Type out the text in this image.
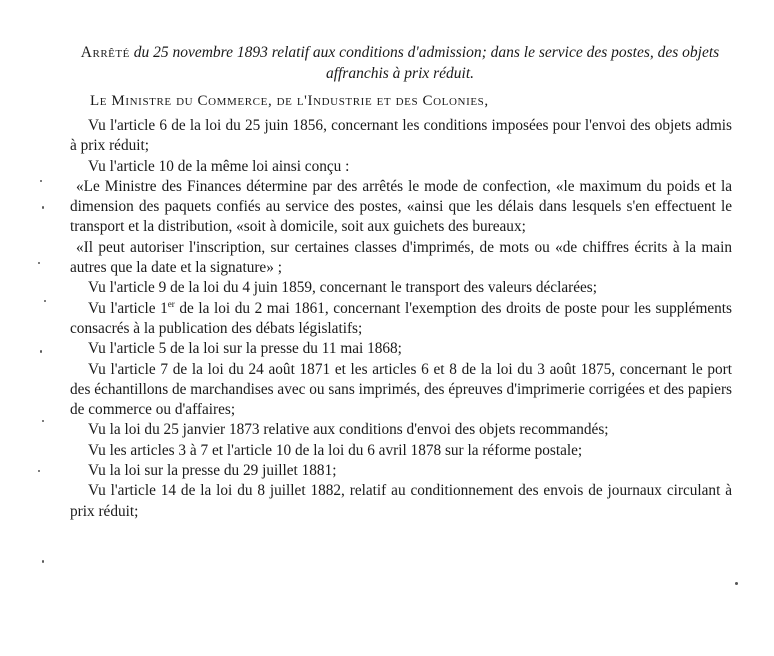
Arrêté du 25 novembre 1893 relatif aux conditions d'admission; dans le service des postes, des objets affranchis à prix réduit.
Le Ministre du Commerce, de l'Industrie et des Colonies,

Vu l'article 6 de la loi du 25 juin 1856, concernant les conditions imposées pour l'envoi des objets admis à prix réduit;

Vu l'article 10 de la même loi ainsi conçu :

«Le Ministre des Finances détermine par des arrêtés le mode de confection, «le maximum du poids et la dimension des paquets confiés au service des postes, «ainsi que les délais dans lesquels s'en effectuent le transport et la distribution, «soit à domicile, soit aux guichets des bureaux;

«Il peut autoriser l'inscription, sur certaines classes d'imprimés, de mots ou «de chiffres écrits à la main autres que la date et la signature» ;

Vu l'article 9 de la loi du 4 juin 1859, concernant le transport des valeurs déclarées;

Vu l'article 1er de la loi du 2 mai 1861, concernant l'exemption des droits de poste pour les suppléments consacrés à la publication des débats législatifs;

Vu l'article 5 de la loi sur la presse du 11 mai 1868;

Vu l'article 7 de la loi du 24 août 1871 et les articles 6 et 8 de la loi du 3 août 1875, concernant le port des échantillons de marchandises avec ou sans imprimés, des épreuves d'imprimerie corrigées et des papiers de commerce ou d'affaires;

Vu la loi du 25 janvier 1873 relative aux conditions d'envoi des objets recommandés;

Vu les articles 3 à 7 et l'article 10 de la loi du 6 avril 1878 sur la réforme postale;

Vu la loi sur la presse du 29 juillet 1881;

Vu l'article 14 de la loi du 8 juillet 1882, relatif au conditionnement des envois de journaux circulant à prix réduit;
